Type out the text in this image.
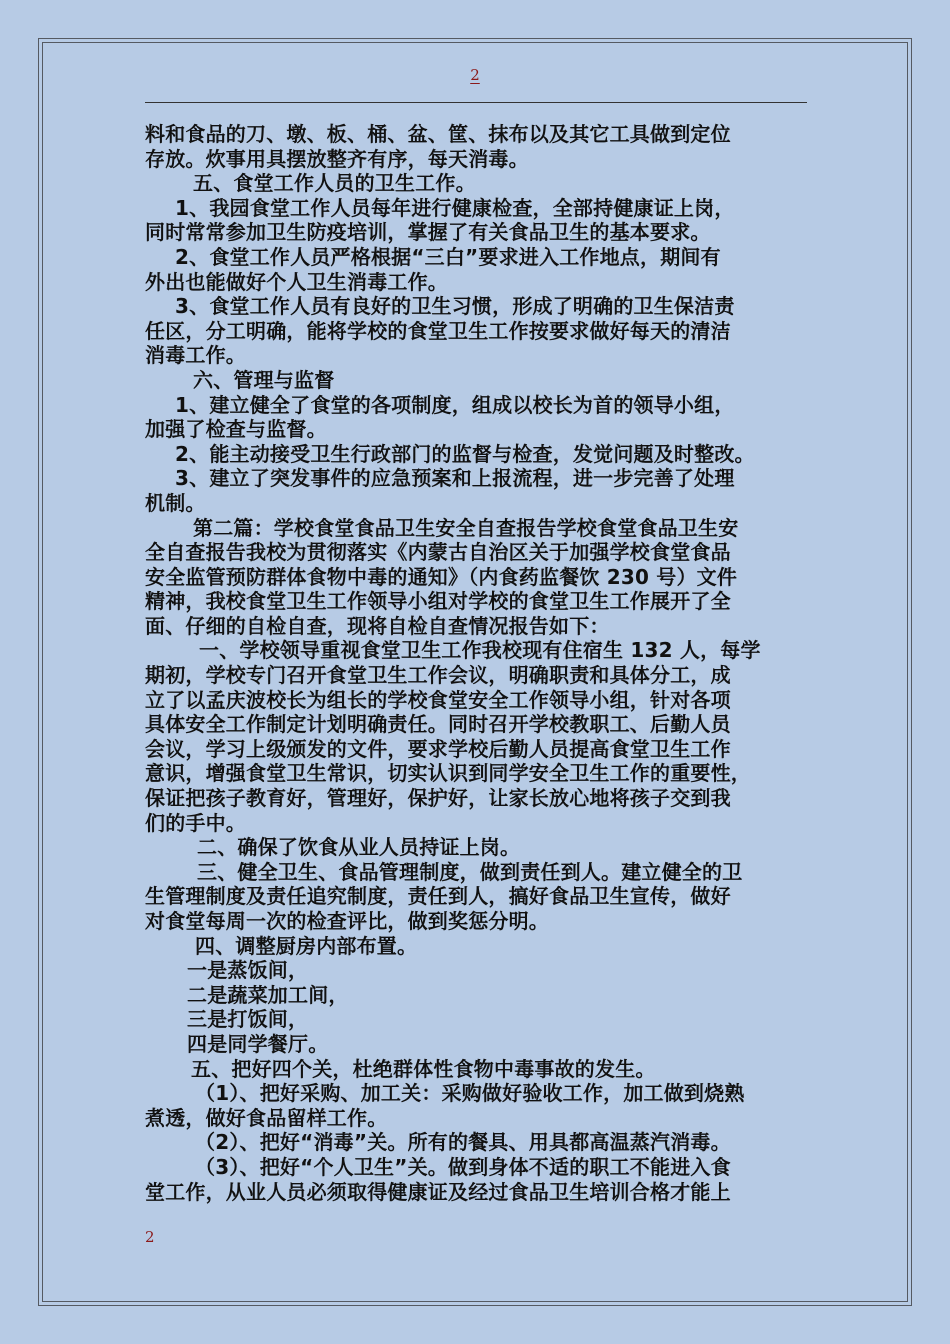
2

料和食品的刀、墩、板、桶、盆、筐、抹布以及其它工具做到定位

存放。炊事用具摆放整齐有序，每天消毒。

五、食堂工作人员的卫生工作。

1、我园食堂工作人员每年进行健康检查，全部持健康证上岗，

同时常常参加卫生防疫培训，掌握了有关食品卫生的基本要求。

2、食堂工作人员严格根据“三白”要求进入工作地点，期间有

外出也能做好个人卫生消毒工作。

3、食堂工作人员有良好的卫生习惯，形成了明确的卫生保洁责

任区，分工明确，能将学校的食堂卫生工作按要求做好每天的清洁

消毒工作。

六、管理与监督

1、建立健全了食堂的各项制度，组成以校长为首的领导小组，

加强了检查与监督。

2、能主动接受卫生行政部门的监督与检查，发觉问题及时整改。

3、建立了突发事件的应急预案和上报流程，进一步完善了处理

机制。

第二篇：学校食堂食品卫生安全自查报告学校食堂食品卫生安

全自查报告我校为贯彻落实《内蒙古自治区关于加强学校食堂食品

安全监管预防群体食物中毒的通知》（内食药监餐饮 230 号）文件

精神，我校食堂卫生工作领导小组对学校的食堂卫生工作展开了全

面、仔细的自检自查，现将自检自查情况报告如下：

一、学校领导重视食堂卫生工作我校现有住宿生 132 人，每学

期初，学校专门召开食堂卫生工作会议，明确职责和具体分工，成

立了以孟庆波校长为组长的学校食堂安全工作领导小组，针对各项

具体安全工作制定计划明确责任。同时召开学校教职工、后勤人员

会议，学习上级颁发的文件，要求学校后勤人员提高食堂卫生工作

意识，增强食堂卫生常识，切实认识到同学安全卫生工作的重要性，

保证把孩子教育好，管理好，保护好，让家长放心地将孩子交到我

们的手中。

二、确保了饮食从业人员持证上岗。

三、健全卫生、食品管理制度，做到责任到人。建立健全的卫

生管理制度及责任追究制度，责任到人，搞好食品卫生宣传，做好

对食堂每周一次的检查评比，做到奖惩分明。

四、调整厨房内部布置。

一是蒸饭间，

二是蔬菜加工间，

三是打饭间，

四是同学餐厅。

五、把好四个关，杜绝群体性食物中毒事故的发生。

（1）、把好采购、加工关：采购做好验收工作，加工做到烧熟

煮透，做好食品留样工作。

（2）、把好“消毒”关。所有的餐具、用具都高温蒸汽消毒。

（3）、把好“个人卫生”关。做到身体不适的职工不能进入食

堂工作，从业人员必须取得健康证及经过食品卫生培训合格才能上

2
